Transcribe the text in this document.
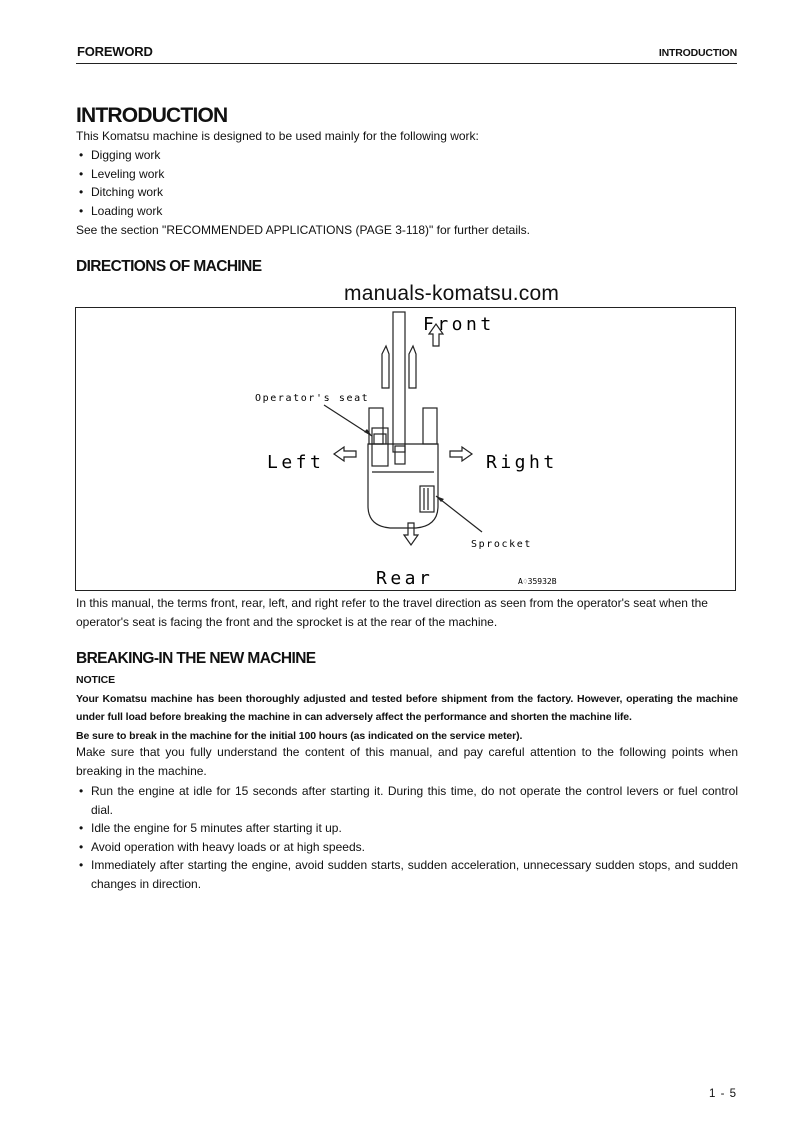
FOREWORD	INTRODUCTION
INTRODUCTION
This Komatsu machine is designed to be used mainly for the following work:
• Digging work
• Leveling work
• Ditching work
• Loading work
See the section "RECOMMENDED APPLICATIONS (PAGE 3-118)" for further details.
DIRECTIONS OF MACHINE
manuals-komatsu.com
Front
Rear
Left	Right
Operator's seat
Sprocket
A♢35932B
In this manual, the terms front, rear, left, and right refer to the travel direction as seen from the operator's seat when the operator's seat is facing the front and the sprocket is at the rear of the machine.
BREAKING-IN THE NEW MACHINE
NOTICE
Your Komatsu machine has been thoroughly adjusted and tested before shipment from the factory. However, operating the machine under full load before breaking the machine in can adversely affect the performance and shorten the machine life.
Be sure to break in the machine for the initial 100 hours (as indicated on the service meter).
Make sure that you fully understand the content of this manual, and pay careful attention to the following points when breaking in the machine.
• Run the engine at idle for 15 seconds after starting it. During this time, do not operate the control levers or fuel control dial.
• Idle the engine for 5 minutes after starting it up.
• Avoid operation with heavy loads or at high speeds.
• Immediately after starting the engine, avoid sudden starts, sudden acceleration, unnecessary sudden stops, and sudden changes in direction.
1 - 5
